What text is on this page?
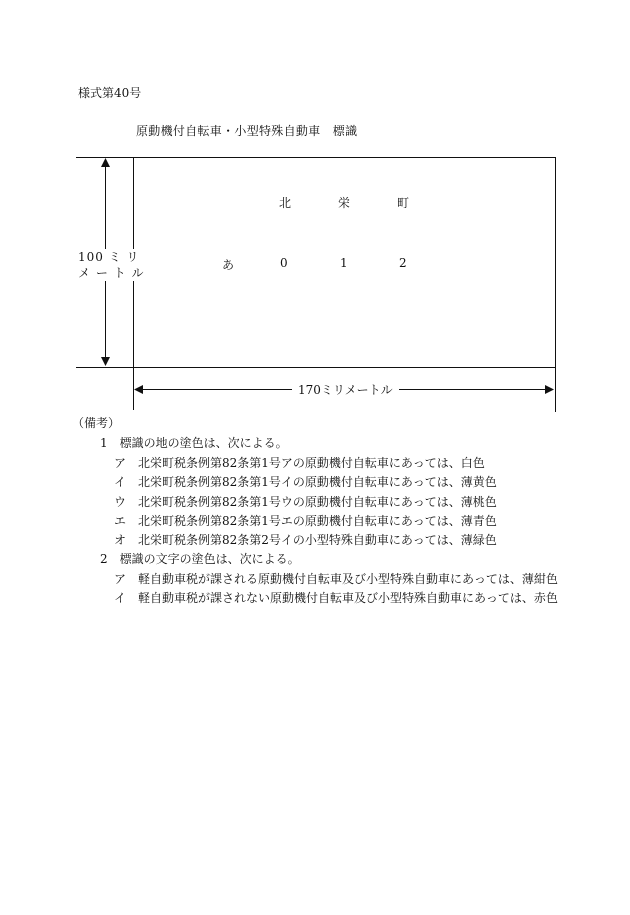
様式第40号
原動機付自転車・小型特殊自動車　標識
100 ミ リ
メ ー ト ル
170ミリメートル
北	栄	町
あ	0	1	2
（備考）
1　標識の地の塗色は、次による。
ア　北栄町税条例第82条第1号アの原動機付自転車にあっては、白色
イ　北栄町税条例第82条第1号イの原動機付自転車にあっては、薄黄色
ウ　北栄町税条例第82条第1号ウの原動機付自転車にあっては、薄桃色
エ　北栄町税条例第82条第1号エの原動機付自転車にあっては、薄青色
オ　北栄町税条例第82条第2号イの小型特殊自動車にあっては、薄緑色
2　標識の文字の塗色は、次による。
ア　軽自動車税が課される原動機付自転車及び小型特殊自動車にあっては、薄紺色
イ　軽自動車税が課されない原動機付自転車及び小型特殊自動車にあっては、赤色
